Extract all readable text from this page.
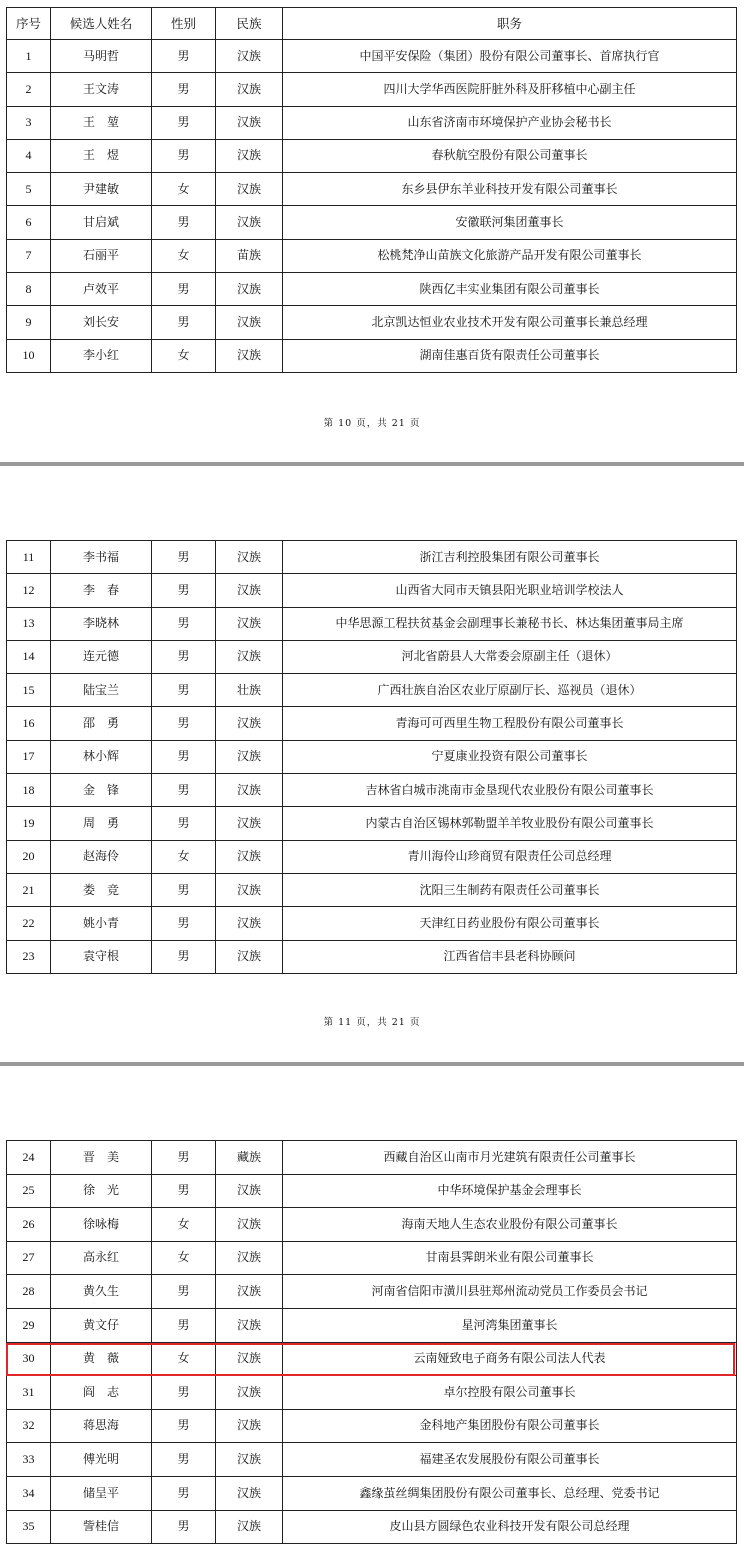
序号	候选人姓名	性别	民族	职务
1	马明哲	男	汉族	中国平安保险（集团）股份有限公司董事长、首席执行官
2	王文涛	男	汉族	四川大学华西医院肝脏外科及肝移植中心副主任
3	王　堃	男	汉族	山东省济南市环境保护产业协会秘书长
4	王　煜	男	汉族	春秋航空股份有限公司董事长
5	尹建敏	女	汉族	东乡县伊东羊业科技开发有限公司董事长
6	甘启斌	男	汉族	安徽联河集团董事长
7	石丽平	女	苗族	松桃梵净山苗族文化旅游产品开发有限公司董事长
8	卢效平	男	汉族	陕西亿丰实业集团有限公司董事长
9	刘长安	男	汉族	北京凯达恒业农业技术开发有限公司董事长兼总经理
10	李小红	女	汉族	湖南佳惠百货有限责任公司董事长
第 10 页，共 21 页
11	李书福	男	汉族	浙江吉利控股集团有限公司董事长
12	李　春	男	汉族	山西省大同市天镇县阳光职业培训学校法人
13	李晓林	男	汉族	中华思源工程扶贫基金会副理事长兼秘书长、林达集团董事局主席
14	连元德	男	汉族	河北省蔚县人大常委会原副主任（退休）
15	陆宝兰	男	壮族	广西壮族自治区农业厅原副厅长、巡视员（退休）
16	邵　勇	男	汉族	青海可可西里生物工程股份有限公司董事长
17	林小辉	男	汉族	宁夏康业投资有限公司董事长
18	金　锋	男	汉族	吉林省白城市洮南市金垦现代农业股份有限公司董事长
19	周　勇	男	汉族	内蒙古自治区锡林郭勒盟羊羊牧业股份有限公司董事长
20	赵海伶	女	汉族	青川海伶山珍商贸有限责任公司总经理
21	娄　竞	男	汉族	沈阳三生制药有限责任公司董事长
22	姚小青	男	汉族	天津红日药业股份有限公司董事长
23	袁守根	男	汉族	江西省信丰县老科协顾问
第 11 页，共 21 页
24	晋　美	男	藏族	西藏自治区山南市月光建筑有限责任公司董事长
25	徐　光	男	汉族	中华环境保护基金会理事长
26	徐咏梅	女	汉族	海南天地人生态农业股份有限公司董事长
27	高永红	女	汉族	甘南县霁朗米业有限公司董事长
28	黄久生	男	汉族	河南省信阳市潢川县驻郑州流动党员工作委员会书记
29	黄文仔	男	汉族	星河湾集团董事长
30	黄　薇	女	汉族	云南娅致电子商务有限公司法人代表
31	阎　志	男	汉族	卓尔控股有限公司董事长
32	蒋思海	男	汉族	金科地产集团股份有限公司董事长
33	傅光明	男	汉族	福建圣农发展股份有限公司董事长
34	储呈平	男	汉族	鑫缘茧丝绸集团股份有限公司董事长、总经理、党委书记
35	訾桂信	男	汉族	皮山县方圆绿色农业科技开发有限公司总经理
